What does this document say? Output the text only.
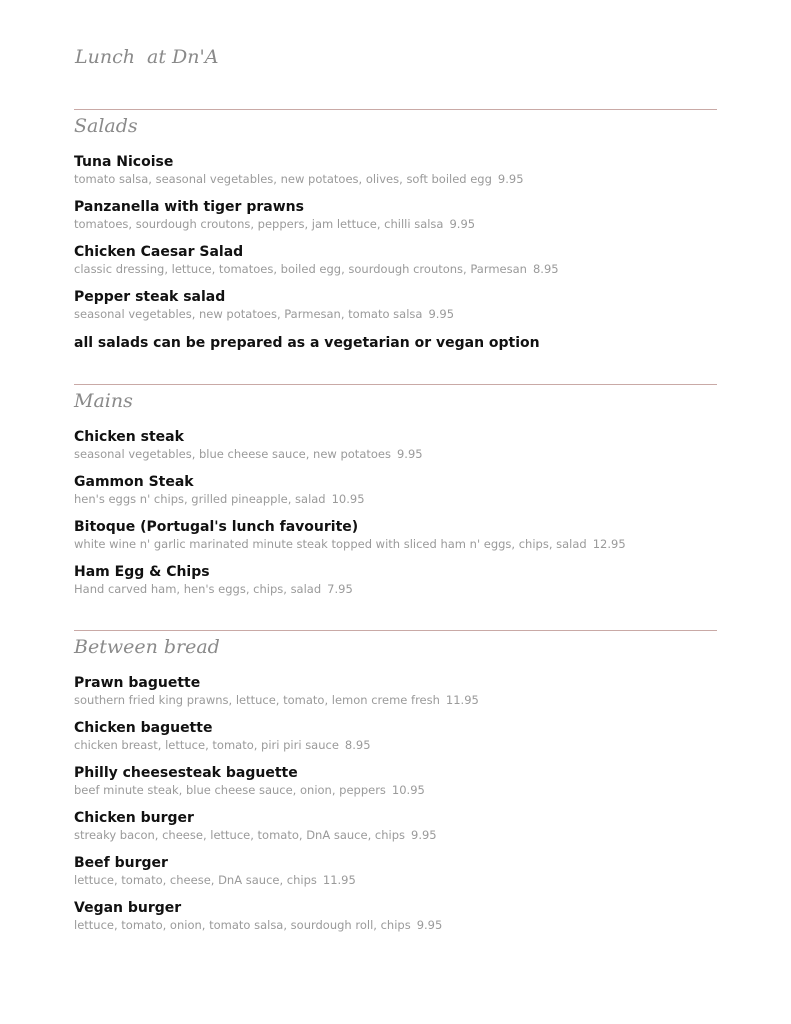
Lunch  at Dn'A
Salads

Tuna Nicoise

tomato salsa, seasonal vegetables, new potatoes, olives, soft boiled egg 9.95

Panzanella with tiger prawns

tomatoes, sourdough croutons, peppers, jam lettuce, chilli salsa 9.95

Chicken Caesar Salad

classic dressing, lettuce, tomatoes, boiled egg, sourdough croutons, Parmesan 8.95

Pepper steak salad

seasonal vegetables, new potatoes, Parmesan, tomato salsa 9.95

all salads can be prepared as a vegetarian or vegan option

Mains

Chicken steak

seasonal vegetables, blue cheese sauce, new potatoes 9.95

Gammon Steak

hen's eggs n' chips, grilled pineapple, salad 10.95

Bitoque (Portugal's lunch favourite)

white wine n' garlic marinated minute steak topped with sliced ham n' eggs, chips, salad 12.95

Ham Egg & Chips

Hand carved ham, hen's eggs, chips, salad 7.95

Between bread

Prawn baguette

southern fried king prawns, lettuce, tomato, lemon creme fresh 11.95

Chicken baguette

chicken breast, lettuce, tomato, piri piri sauce 8.95

Philly cheesesteak baguette

beef minute steak, blue cheese sauce, onion, peppers 10.95

Chicken burger

streaky bacon, cheese, lettuce, tomato, DnA sauce, chips 9.95

Beef burger

lettuce, tomato, cheese, DnA sauce, chips 11.95

Vegan burger

lettuce, tomato, onion, tomato salsa, sourdough roll, chips 9.95
